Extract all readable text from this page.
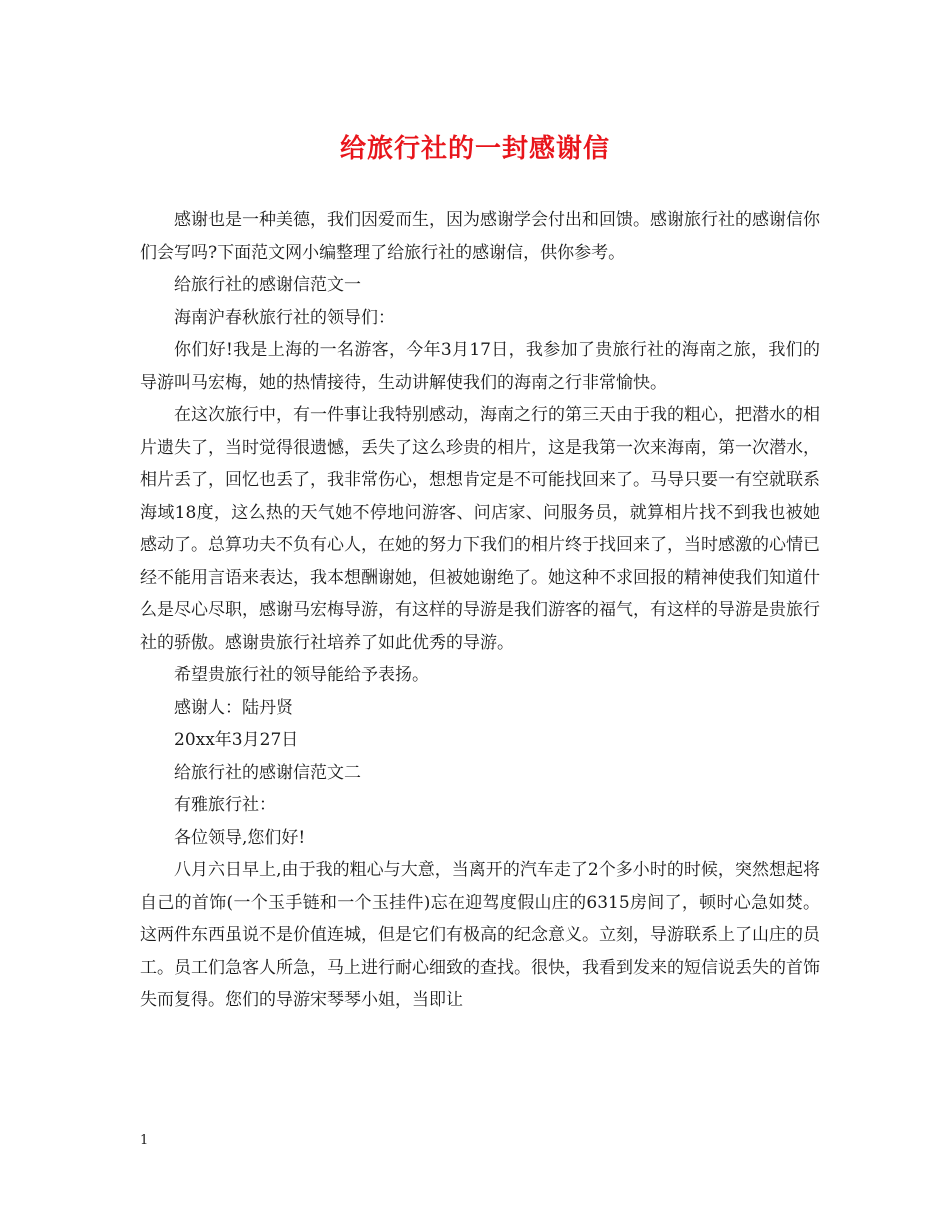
给旅行社的一封感谢信

感谢也是一种美德，我们因爱而生，因为感谢学会付出和回馈。感谢旅行社的感谢信你们会写吗?下面范文网小编整理了给旅行社的感谢信，供你参考。

给旅行社的感谢信范文一

海南沪春秋旅行社的领导们：

你们好!我是上海的一名游客，今年3月17日，我参加了贵旅行社的海南之旅，我们的导游叫马宏梅，她的热情接待，生动讲解使我们的海南之行非常愉快。

在这次旅行中，有一件事让我特别感动，海南之行的第三天由于我的粗心，把潜水的相片遗失了，当时觉得很遗憾，丢失了这么珍贵的相片，这是我第一次来海南，第一次潜水，相片丢了，回忆也丢了，我非常伤心，想想肯定是不可能找回来了。马导只要一有空就联系海域18度，这么热的天气她不停地问游客、问店家、问服务员，就算相片找不到我也被她感动了。总算功夫不负有心人，在她的努力下我们的相片终于找回来了，当时感激的心情已经不能用言语来表达，我本想酬谢她，但被她谢绝了。她这种不求回报的精神使我们知道什么是尽心尽职，感谢马宏梅导游，有这样的导游是我们游客的福气，有这样的导游是贵旅行社的骄傲。感谢贵旅行社培养了如此优秀的导游。

希望贵旅行社的领导能给予表扬。

感谢人：陆丹贤

20xx年3月27日

给旅行社的感谢信范文二

有雅旅行社：

各位领导,您们好!

八月六日早上,由于我的粗心与大意，当离开的汽车走了2个多小时的时候，突然想起将自己的首饰(一个玉手链和一个玉挂件)忘在迎驾度假山庄的6315房间了，顿时心急如焚。这两件东西虽说不是价值连城，但是它们有极高的纪念意义。立刻，导游联系上了山庄的员工。员工们急客人所急，马上进行耐心细致的查找。很快，我看到发来的短信说丢失的首饰失而复得。您们的导游宋琴琴小姐，当即让

1
